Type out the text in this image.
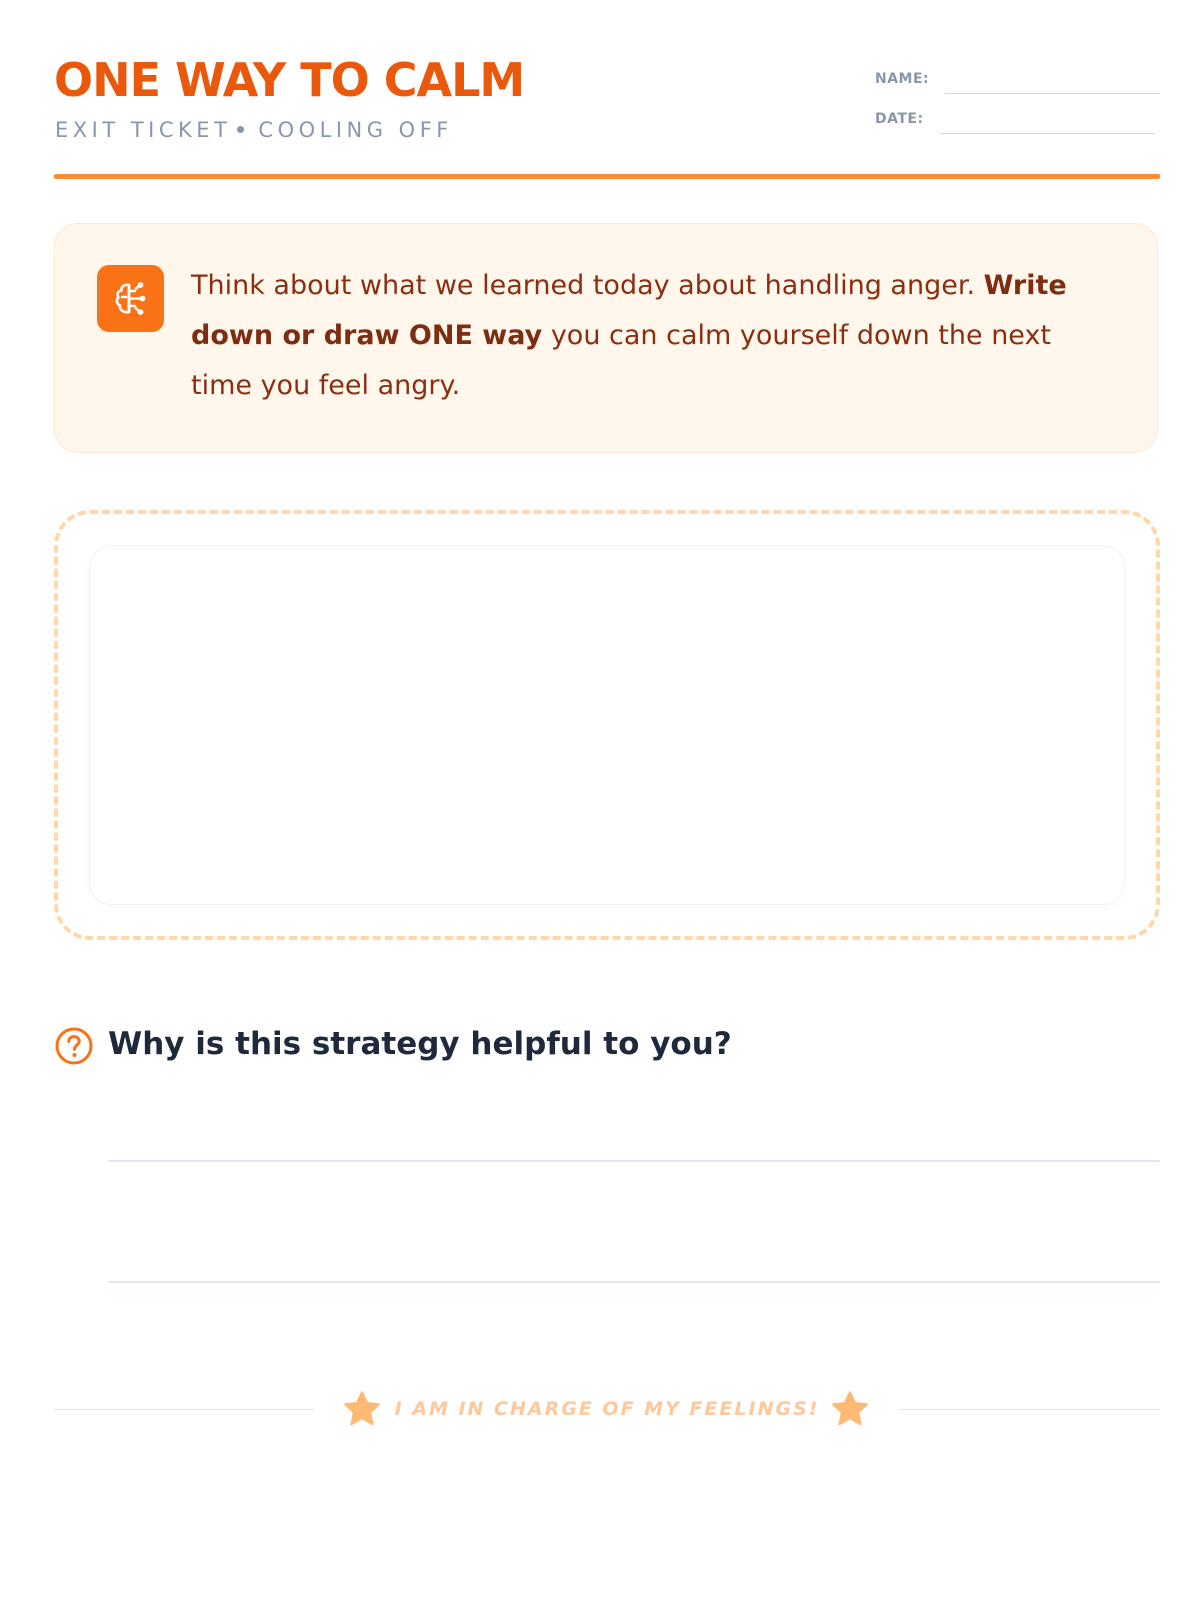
ONE WAY TO CALM
EXIT TICKET COOLING OFF
NAME:
DATE:

Think about what we learned today about handling anger. Write down or draw ONE way you can calm yourself down the next time you feel angry.

Why is this strategy helpful to you?

I AM IN CHARGE OF MY FEELINGS!
